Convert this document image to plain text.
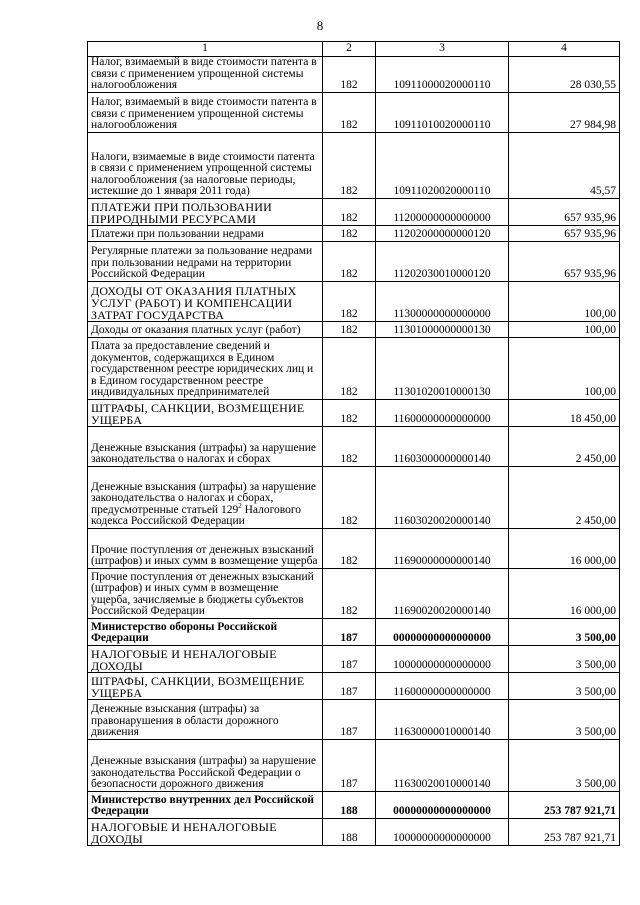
8
1	2	3	4
Налог, взимаемый в виде стоимости патента в связи с применением упрощенной системы налогообложения	182	10911000020000110	28 030,55
Налог, взимаемый в виде стоимости патента в связи с применением упрощенной системы налогообложения	182	10911010020000110	27 984,98
Налоги, взимаемые в виде стоимости патента в связи с применением упрощенной системы налогообложения (за налоговые периоды, истекшие до 1 января 2011 года)	182	10911020020000110	45,57
ПЛАТЕЖИ ПРИ ПОЛЬЗОВАНИИ ПРИРОДНЫМИ РЕСУРСАМИ	182	11200000000000000	657 935,96
Платежи при пользовании недрами	182	11202000000000120	657 935,96
Регулярные платежи за пользование недрами при пользовании недрами на территории Российской Федерации	182	11202030010000120	657 935,96
ДОХОДЫ ОТ ОКАЗАНИЯ ПЛАТНЫХ УСЛУГ (РАБОТ) И КОМПЕНСАЦИИ ЗАТРАТ ГОСУДАРСТВА	182	11300000000000000	100,00
Доходы от оказания платных услуг (работ)	182	11301000000000130	100,00
Плата за предоставление сведений и документов, содержащихся в Едином государственном реестре юридических лиц и в Едином государственном реестре индивидуальных предпринимателей	182	11301020010000130	100,00
ШТРАФЫ, САНКЦИИ, ВОЗМЕЩЕНИЕ УЩЕРБА	182	11600000000000000	18 450,00
Денежные взыскания (штрафы) за нарушение законодательства о налогах и сборах	182	11603000000000140	2 450,00
Денежные взыскания (штрафы) за нарушение законодательства о налогах и сборах, предусмотренные статьей $129^2$ Налогового кодекса Российской Федерации	182	11603020020000140	2 450,00
Прочие поступления от денежных взысканий (штрафов) и иных сумм в возмещение ущерба	182	11690000000000140	16 000,00
Прочие поступления от денежных взысканий (штрафов) и иных сумм в возмещение ущерба, зачисляемые в бюджеты субъектов Российской Федерации	182	11690020020000140	16 000,00
Министерство обороны Российской Федерации	187	00000000000000000	3 500,00
НАЛОГОВЫЕ И НЕНАЛОГОВЫЕ ДОХОДЫ	187	10000000000000000	3 500,00
ШТРАФЫ, САНКЦИИ, ВОЗМЕЩЕНИЕ УЩЕРБА	187	11600000000000000	3 500,00
Денежные взыскания (штрафы) за правонарушения в области дорожного движения	187	11630000010000140	3 500,00
Денежные взыскания (штрафы) за нарушение законодательства Российской Федерации о безопасности дорожного движения	187	11630020010000140	3 500,00
Министерство внутренних дел Российской Федерации	188	00000000000000000	253 787 921,71
НАЛОГОВЫЕ И НЕНАЛОГОВЫЕ ДОХОДЫ	188	10000000000000000	253 787 921,71
